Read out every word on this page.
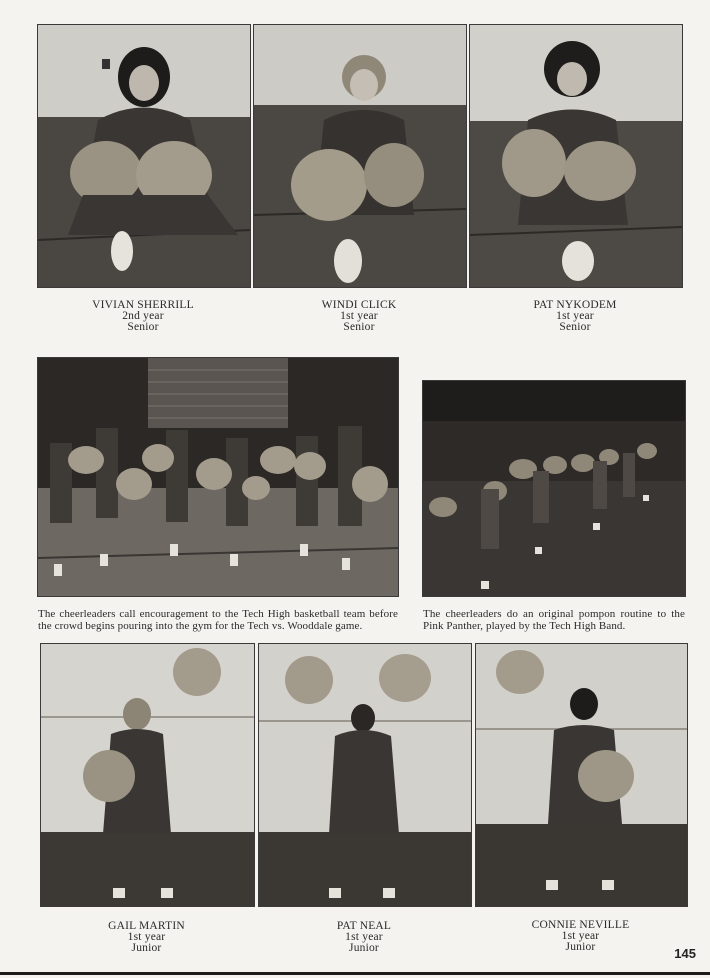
VIVIAN SHERRILL
2nd year
Senior
WINDI CLICK
1st year
Senior
PAT NYKODEM
1st year
Senior
The cheerleaders call encouragement to the Tech High basketball team before the crowd begins pouring into the gym for the Tech vs. Wooddale game.
The cheerleaders do an original pompon routine to the Pink Panther, played by the Tech High Band.
GAIL MARTIN
1st year
Junior
PAT NEAL
1st year
Junior
CONNIE NEVILLE
1st year
Junior	145
